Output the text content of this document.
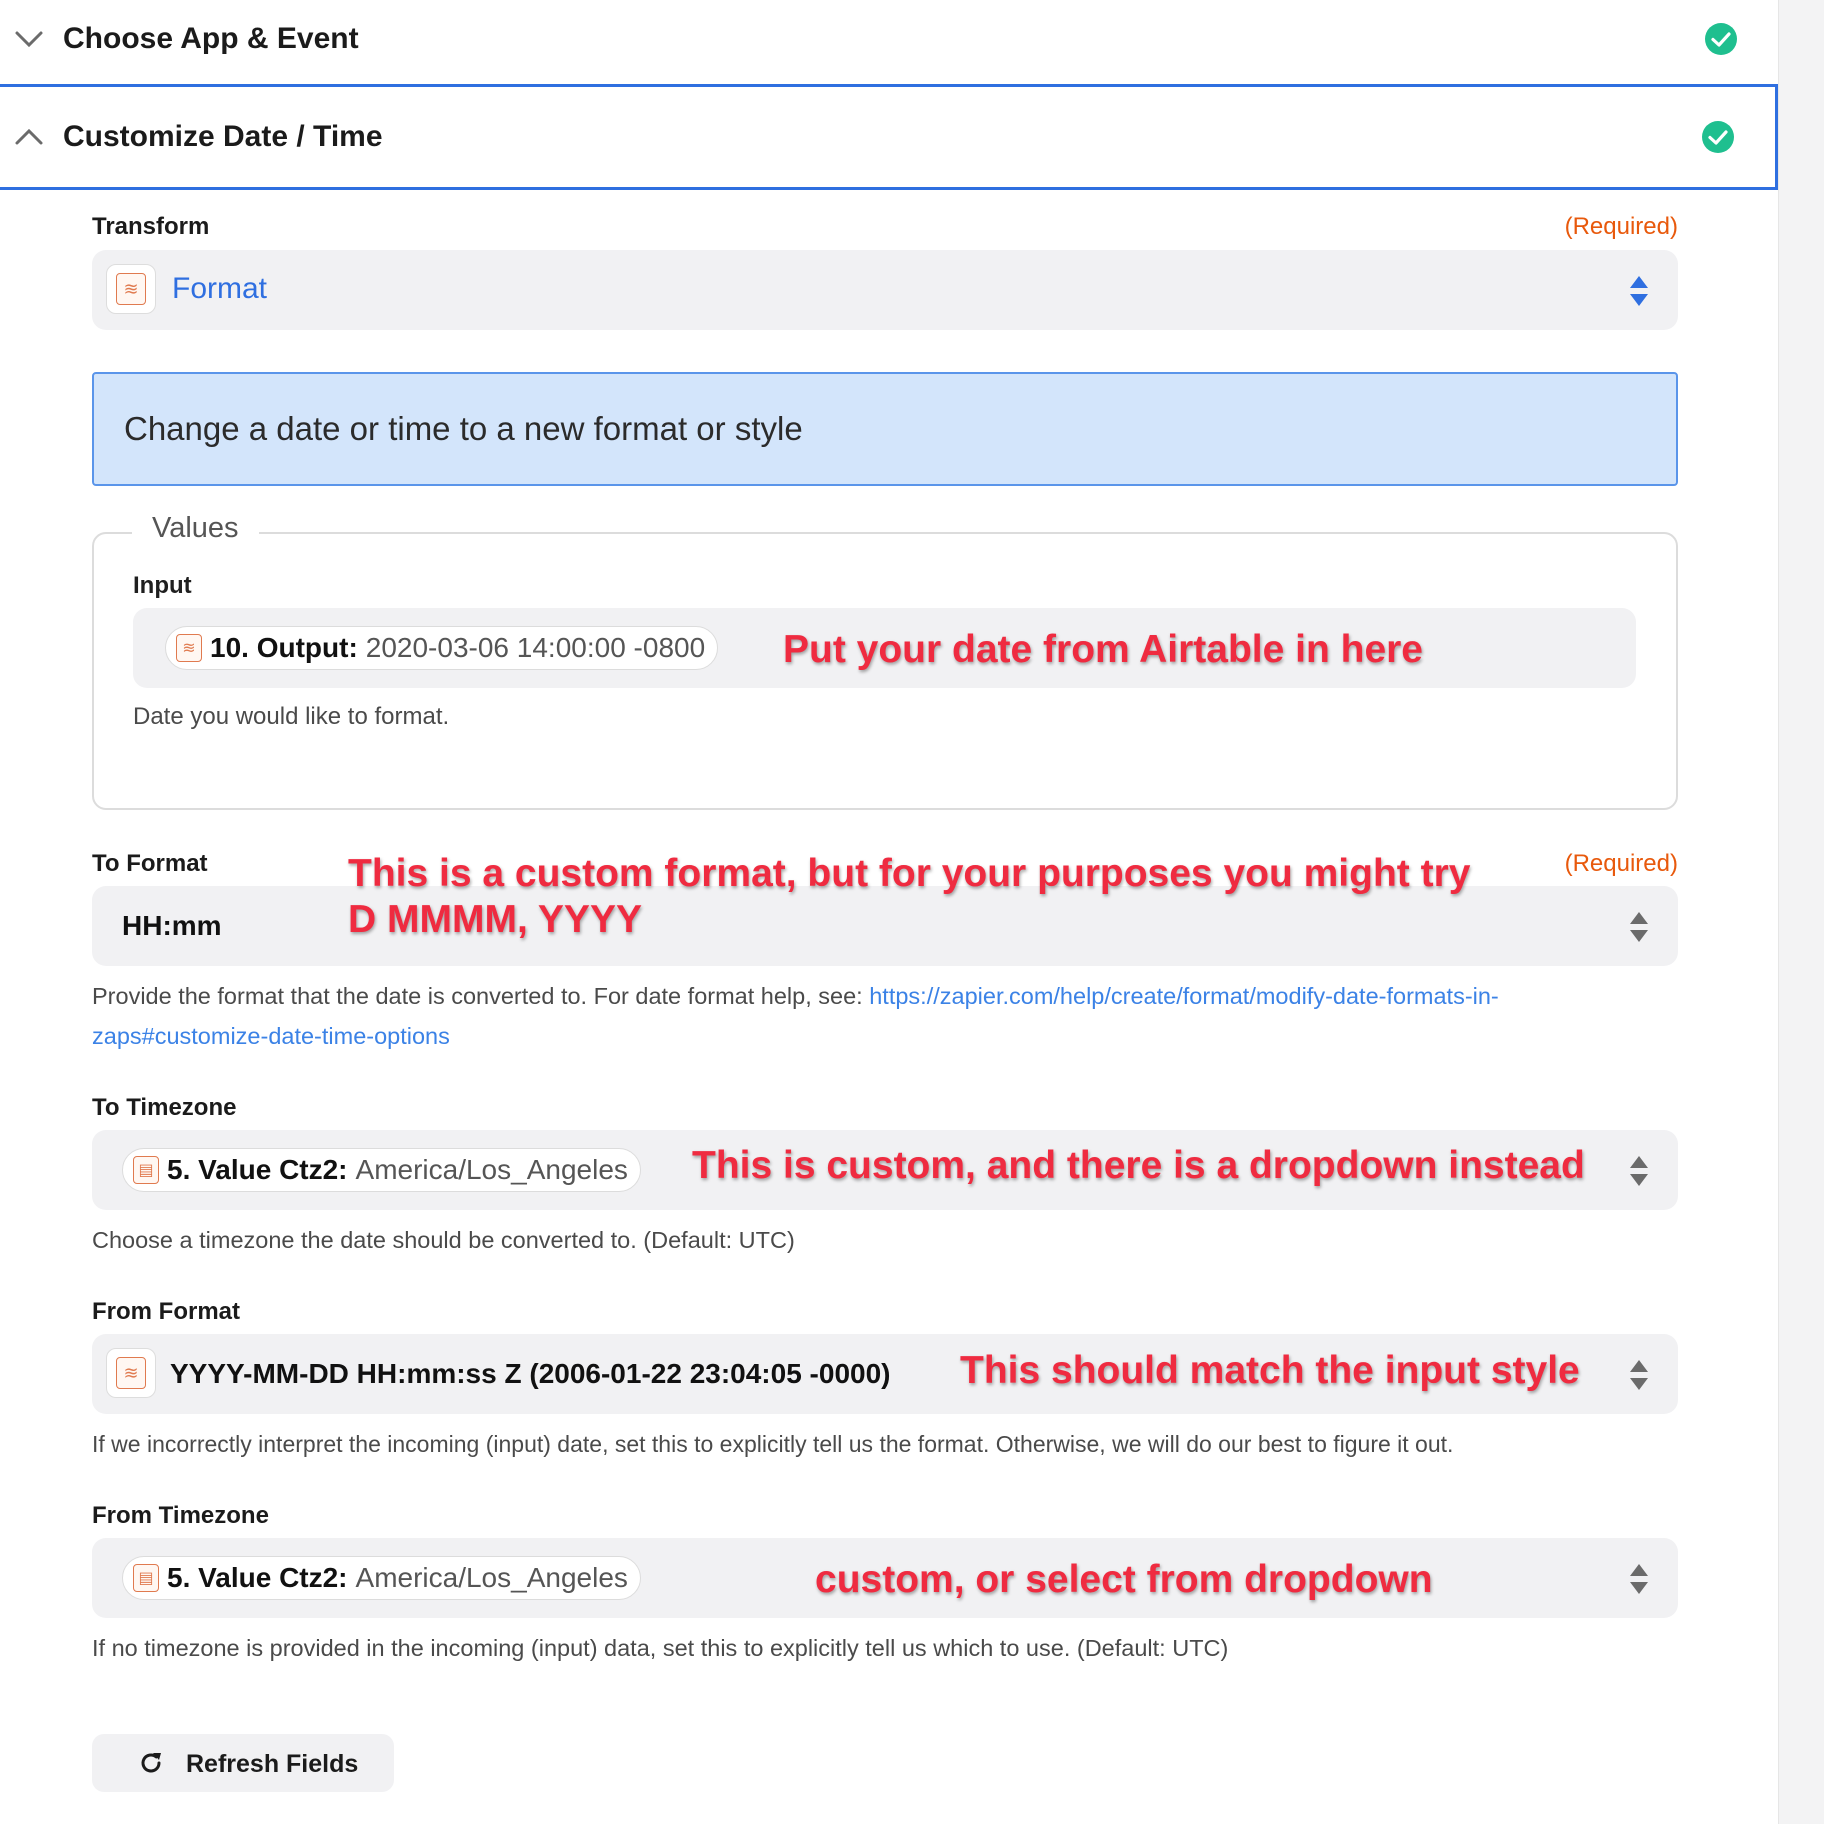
Choose App & Event
Customize Date / Time
Transform	(Required)
≋ Format
Change a date or time to a new format or style
Values
Input
≋ 10. Output: 2020-03-06 14:00:00 -0800 Put your date from Airtable in here
Date you would like to format.
To Format	(Required)
HH:mm
This is a custom format, but for your purposes you might try
D MMMM, YYYY
Provide the format that the date is converted to. For date format help, see: https://zapier.com/help/create/format/modify-date-formats-in-
zaps#customize-date-time-options
To Timezone
▤ 5. Value Ctz2: America/Los_Angeles This is custom, and there is a dropdown instead
Choose a timezone the date should be converted to. (Default: UTC)
From Format
≋ YYYY-MM-DD HH:mm:ss Z (2006-01-22 23:04:05 -0000) This should match the input style
If we incorrectly interpret the incoming (input) date, set this to explicitly tell us the format. Otherwise, we will do our best to figure it out.
From Timezone
▤ 5. Value Ctz2: America/Los_Angeles	custom, or select from dropdown
If no timezone is provided in the incoming (input) data, set this to explicitly tell us which to use. (Default: UTC)
Refresh Fields
